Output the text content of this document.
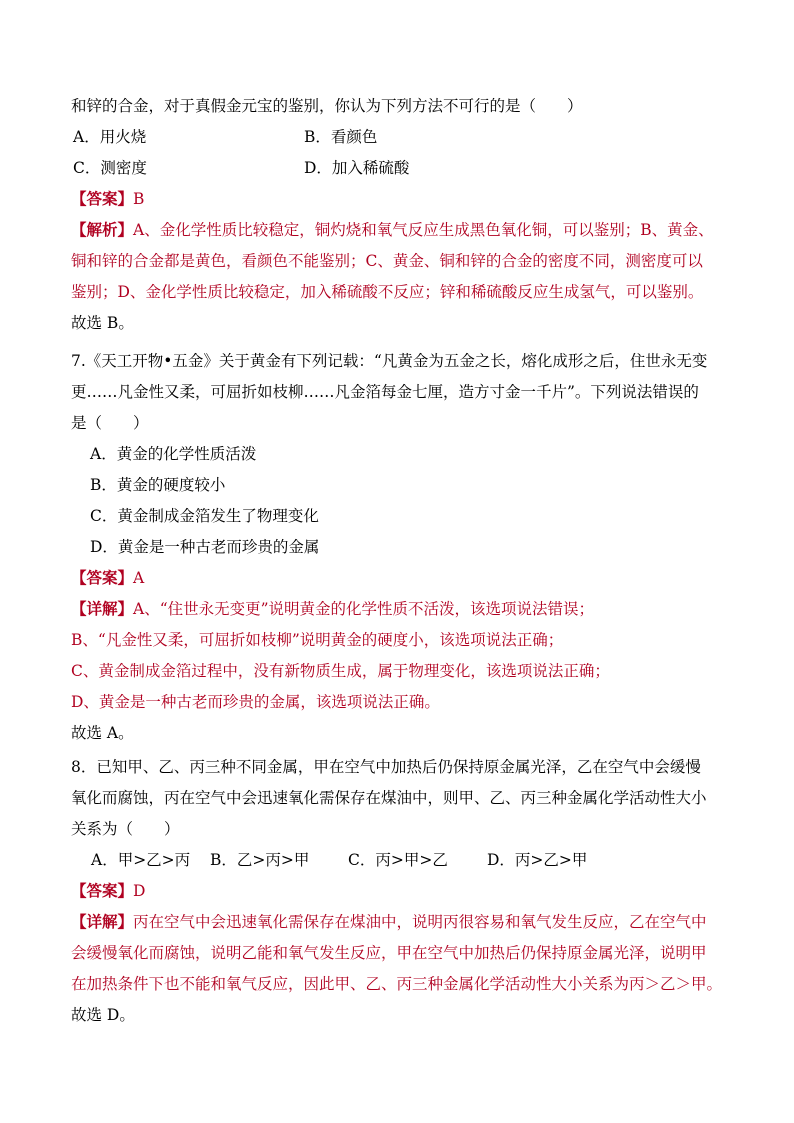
和锌的合金，对于真假金元宝的鉴别，你认为下列方法不可行的是（　　）
A．用火烧	B．看颜色
C．测密度	D．加入稀硫酸
【答案】B
【解析】A、金化学性质比较稳定，铜灼烧和氧气反应生成黑色氧化铜，可以鉴别；B、黄金、
铜和锌的合金都是黄色，看颜色不能鉴别；C、黄金、铜和锌的合金的密度不同，测密度可以
鉴别；D、金化学性质比较稳定，加入稀硫酸不反应；锌和稀硫酸反应生成氢气，可以鉴别。
故选 B。
7.《天工开物•五金》关于黄金有下列记载：“凡黄金为五金之长，熔化成形之后，住世永无变
更……凡金性又柔，可屈折如枝柳……凡金箔每金七厘，造方寸金一千片”。下列说法错误的
是（　　）
A．黄金的化学性质活泼
B．黄金的硬度较小
C．黄金制成金箔发生了物理变化
D．黄金是一种古老而珍贵的金属
【答案】A
【详解】A、“住世永无变更”说明黄金的化学性质不活泼，该选项说法错误；
B、“凡金性又柔，可屈折如枝柳”说明黄金的硬度小，该选项说法正确；
C、黄金制成金箔过程中，没有新物质生成，属于物理变化，该选项说法正确；
D、黄金是一种古老而珍贵的金属，该选项说法正确。
故选 A。
8．已知甲、乙、丙三种不同金属，甲在空气中加热后仍保持原金属光泽，乙在空气中会缓慢
氧化而腐蚀，丙在空气中会迅速氧化需保存在煤油中，则甲、乙、丙三种金属化学活动性大小
关系为（　　）
A．甲>乙>丙 B．乙>丙>甲 C．丙>甲>乙	D．丙>乙>甲
【答案】D
【详解】丙在空气中会迅速氧化需保存在煤油中，说明丙很容易和氧气发生反应，乙在空气中
会缓慢氧化而腐蚀，说明乙能和氧气发生反应，甲在空气中加热后仍保持原金属光泽，说明甲
在加热条件下也不能和氧气反应，因此甲、乙、丙三种金属化学活动性大小关系为丙＞乙＞甲。
故选 D。
